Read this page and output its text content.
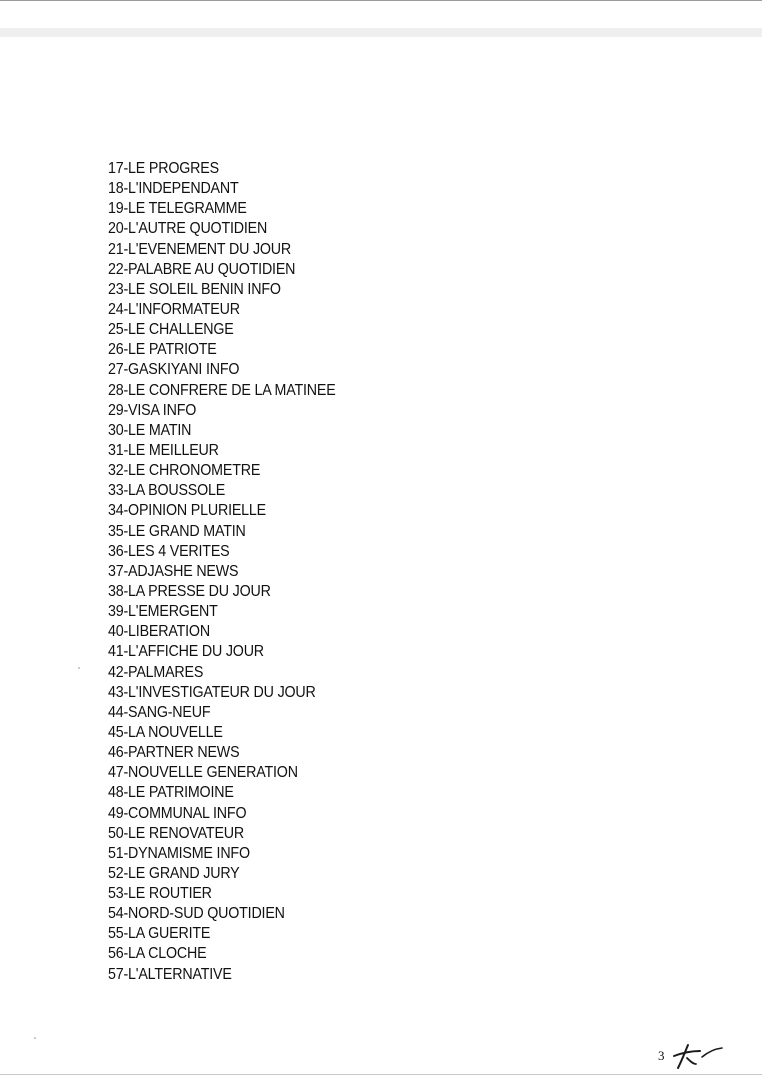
17-LE PROGRES
18-L'INDEPENDANT
19-LE TELEGRAMME
20-L'AUTRE QUOTIDIEN
21-L'EVENEMENT DU JOUR
22-PALABRE AU QUOTIDIEN
23-LE SOLEIL BENIN INFO
24-L'INFORMATEUR
25-LE CHALLENGE
26-LE PATRIOTE
27-GASKIYANI INFO
28-LE CONFRERE DE LA MATINEE
29-VISA INFO
30-LE MATIN
31-LE MEILLEUR
32-LE CHRONOMETRE
33-LA BOUSSOLE
34-OPINION PLURIELLE
35-LE GRAND MATIN
36-LES 4 VERITES
37-ADJASHE NEWS
38-LA PRESSE DU JOUR
39-L'EMERGENT
40-LIBERATION
41-L'AFFICHE DU JOUR
42-PALMARES
43-L'INVESTIGATEUR DU JOUR
44-SANG-NEUF
45-LA NOUVELLE
46-PARTNER NEWS
47-NOUVELLE GENERATION
48-LE PATRIMOINE
49-COMMUNAL INFO
50-LE RENOVATEUR
51-DYNAMISME INFO
52-LE GRAND JURY
53-LE ROUTIER
54-NORD-SUD QUOTIDIEN
55-LA GUERITE
56-LA CLOCHE
57-L'ALTERNATIVE
3
